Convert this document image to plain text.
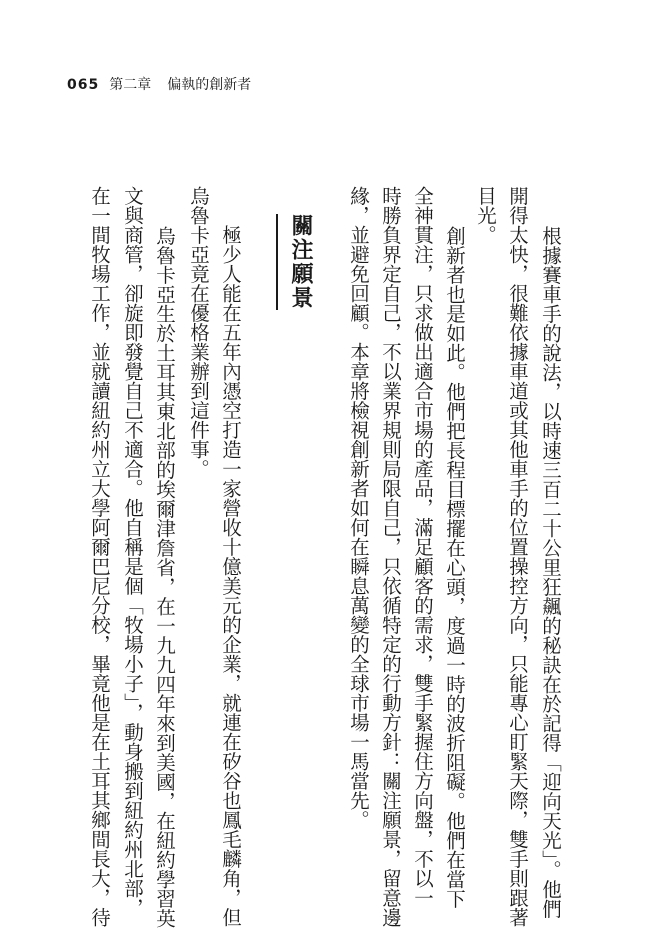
065 第二章 偏執的創新者
根據賽車手的說法，以時速三百二十公里狂飆的秘訣在於記得「迎向天光」。他們
開得太快，很難依據車道或其他車手的位置操控方向，只能專心盯緊天際，雙手則跟著
目光。
創新者也是如此。他們把長程目標擺在心頭，度過一時的波折阻礙。他們在當下
全神貫注，只求做出適合市場的產品，滿足顧客的需求，雙手緊握住方向盤，不以一
時勝負界定自己，不以業界規則局限自己，只依循特定的行動方針：關注願景，留意邊
緣，並避免回顧。本章將檢視創新者如何在瞬息萬變的全球市場一馬當先。
關注願景
極少人能在五年內憑空打造一家營收十億美元的企業，就連在矽谷也鳳毛麟角，但
烏魯卡亞竟在優格業辦到這件事。
烏魯卡亞生於土耳其東北部的埃爾津詹省，在一九九四年來到美國，在紐約學習英
文與商管，卻旋即發覺自己不適合。他自稱是個「牧場小子」，動身搬到紐約州北部，
在一間牧場工作，並就讀紐約州立大學阿爾巴尼分校，畢竟他是在土耳其鄉間長大，待
